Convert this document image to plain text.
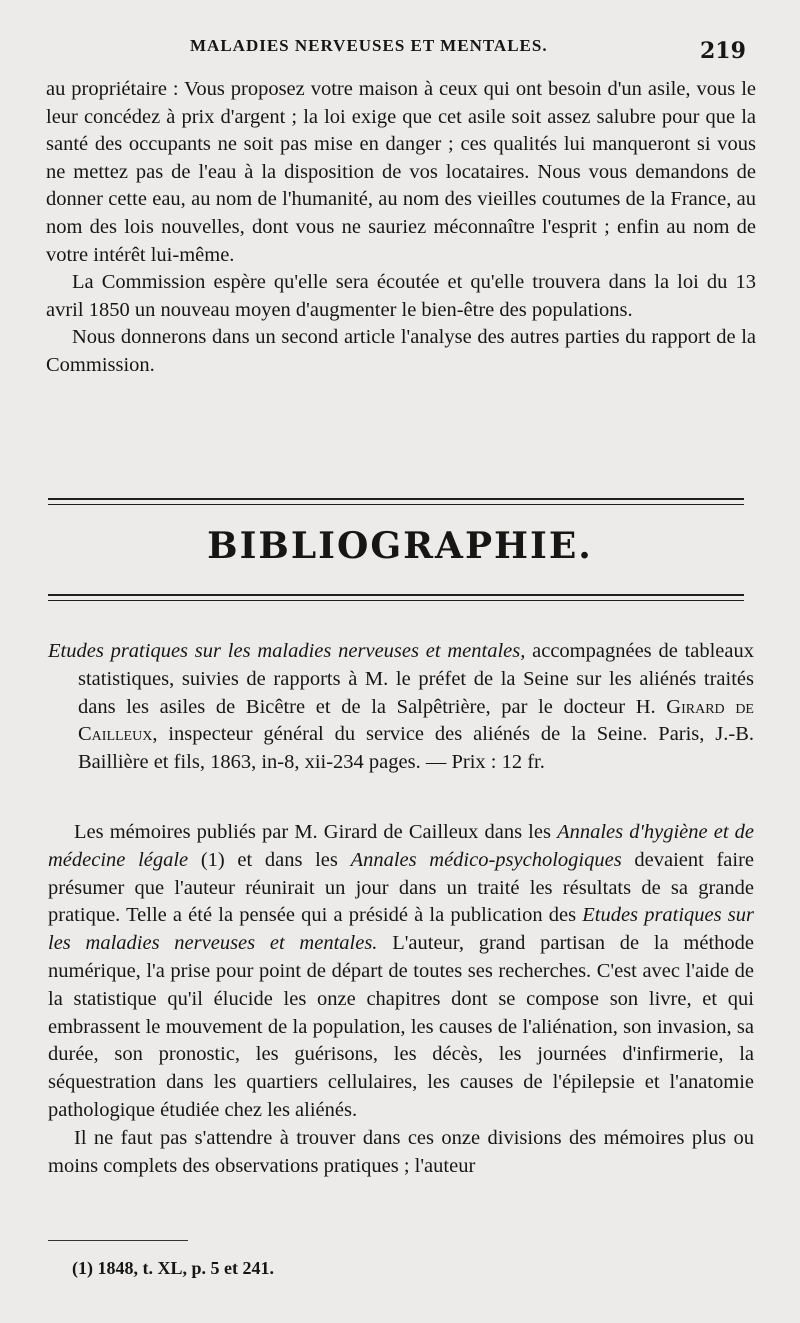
MALADIES NERVEUSES ET MENTALES.	219

au propriétaire : Vous proposez votre maison à ceux qui ont besoin d'un asile, vous le leur concédez à prix d'argent ; la loi exige que cet asile soit assez salubre pour que la santé des occupants ne soit pas mise en danger ; ces qualités lui manqueront si vous ne mettez pas de l'eau à la disposition de vos locataires. Nous vous demandons de donner cette eau, au nom de l'humanité, au nom des vieilles coutumes de la France, au nom des lois nouvelles, dont vous ne sauriez méconnaître l'esprit ; enfin au nom de votre intérêt lui-même.

La Commission espère qu'elle sera écoutée et qu'elle trouvera dans la loi du 13 avril 1850 un nouveau moyen d'augmenter le bien-être des populations.

Nous donnerons dans un second article l'analyse des autres parties du rapport de la Commission.

BIBLIOGRAPHIE.
Etudes pratiques sur les maladies nerveuses et mentales, accompagnées de tableaux statistiques, suivies de rapports à M. le préfet de la Seine sur les aliénés traités dans les asiles de Bicêtre et de la Salpêtrière, par le docteur H. Girard de Cailleux, inspecteur général du service des aliénés de la Seine. Paris, J.-B. Baillière et fils, 1863, in-8, xii-234 pages. — Prix : 12 fr.

Les mémoires publiés par M. Girard de Cailleux dans les Annales d'hygiène et de médecine légale (1) et dans les Annales médico-psychologiques devaient faire présumer que l'auteur réunirait un jour dans un traité les résultats de sa grande pratique. Telle a été la pensée qui a présidé à la publication des Etudes pratiques sur les maladies nerveuses et mentales. L'auteur, grand partisan de la méthode numérique, l'a prise pour point de départ de toutes ses recherches. C'est avec l'aide de la statistique qu'il élucide les onze chapitres dont se compose son livre, et qui embrassent le mouvement de la population, les causes de l'aliénation, son invasion, sa durée, son pronostic, les guérisons, les décès, les journées d'infirmerie, la séquestration dans les quartiers cellulaires, les causes de l'épilepsie et l'anatomie pathologique étudiée chez les aliénés.

Il ne faut pas s'attendre à trouver dans ces onze divisions des mémoires plus ou moins complets des observations pratiques ; l'auteur

(1) 1848, t. XL, p. 5 et 241.
